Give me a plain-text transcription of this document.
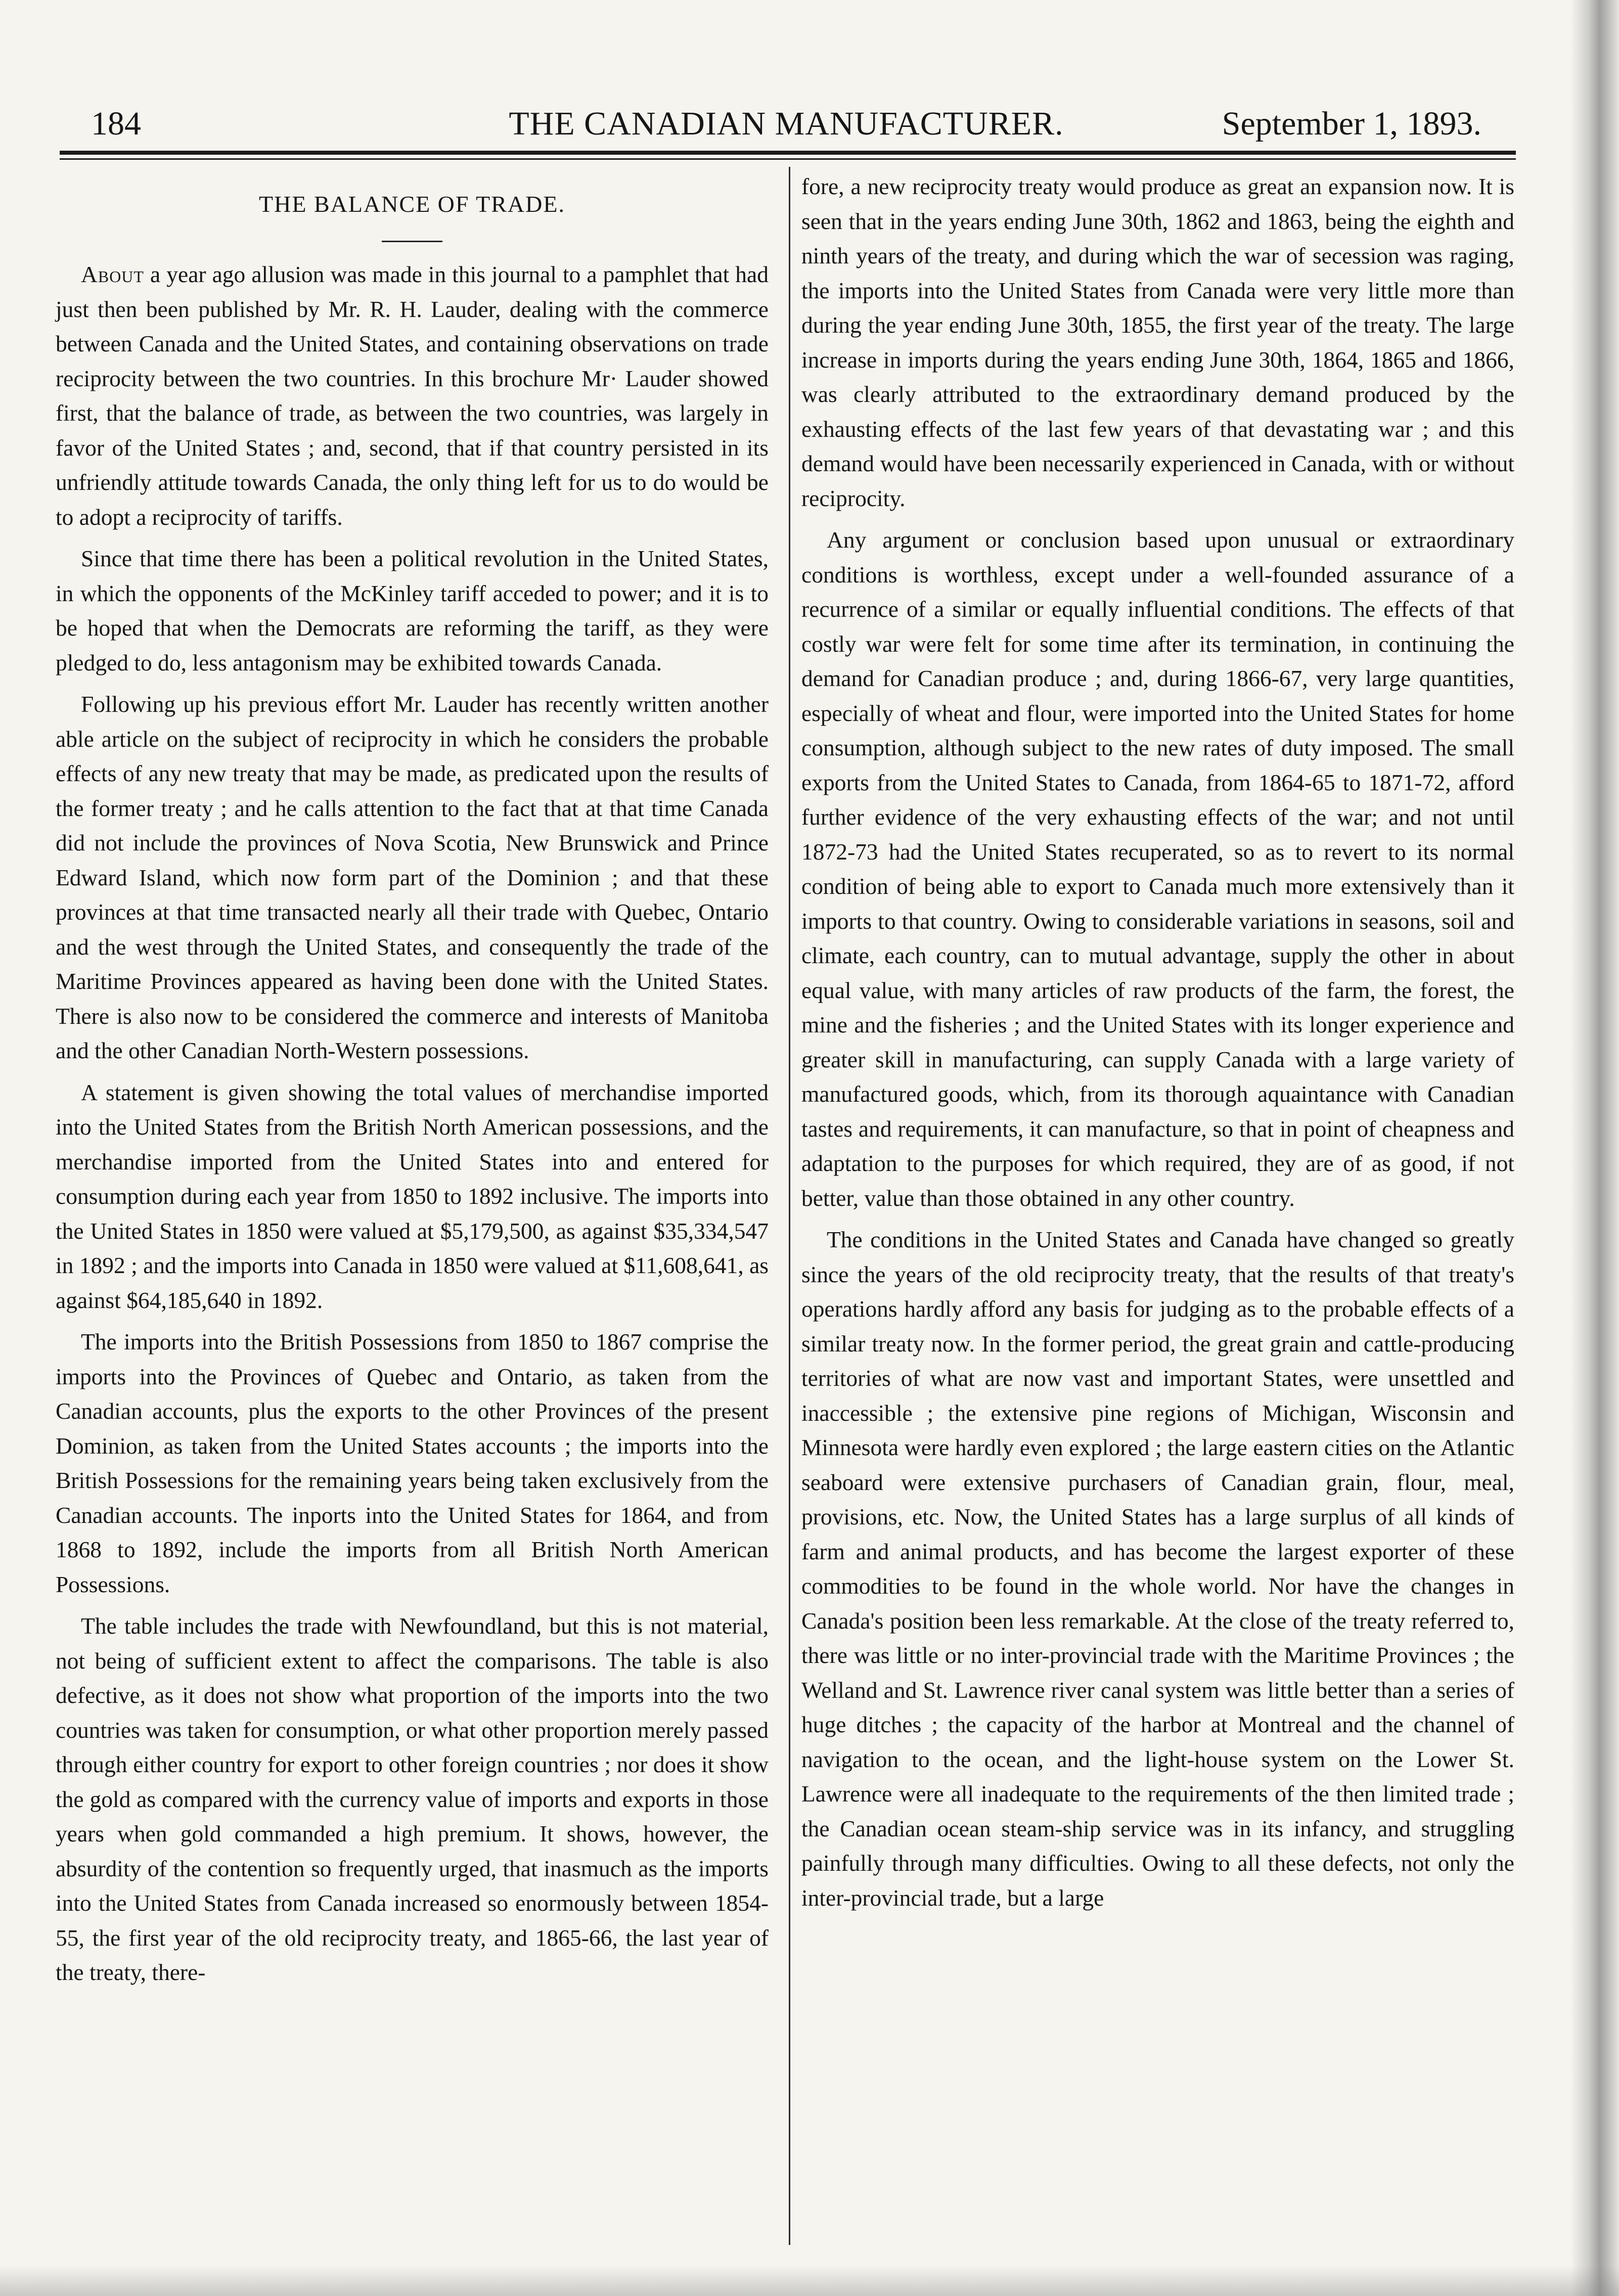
184	THE CANADIAN MANUFACTURER.	September 1, 1893.
THE BALANCE OF TRADE.

About a year ago allusion was made in this journal to a pamphlet that had just then been published by Mr. R. H. Lauder, dealing with the commerce between Canada and the United States, and containing observations on trade reciprocity between the two countries. In this brochure Mr· Lauder showed first, that the balance of trade, as between the two countries, was largely in favor of the United States ; and, second, that if that country persisted in its unfriendly attitude towards Canada, the only thing left for us to do would be to adopt a reciprocity of tariffs.

Since that time there has been a political revolution in the United States, in which the opponents of the McKinley tariff acceded to power; and it is to be hoped that when the Democrats are reforming the tariff, as they were pledged to do, less antagonism may be exhibited towards Canada.

Following up his previous effort Mr. Lauder has recently written another able article on the subject of reciprocity in which he considers the probable effects of any new treaty that may be made, as predicated upon the results of the former treaty ; and he calls attention to the fact that at that time Canada did not include the provinces of Nova Scotia, New Brunswick and Prince Edward Island, which now form part of the Dominion ; and that these provinces at that time transacted nearly all their trade with Quebec, Ontario and the west through the United States, and consequently the trade of the Maritime Provinces appeared as having been done with the United States. There is also now to be considered the commerce and interests of Manitoba and the other Canadian North-Western possessions.

A statement is given showing the total values of merchandise imported into the United States from the British North American possessions, and the merchandise imported from the United States into and entered for consumption during each year from 1850 to 1892 inclusive. The imports into the United States in 1850 were valued at $5,179,500, as against $35,334,547 in 1892 ; and the imports into Canada in 1850 were valued at $11,608,641, as against $64,185,640 in 1892.

The imports into the British Possessions from 1850 to 1867 comprise the imports into the Provinces of Quebec and Ontario, as taken from the Canadian accounts, plus the exports to the other Provinces of the present Dominion, as taken from the United States accounts ; the imports into the British Possessions for the remaining years being taken exclusively from the Canadian accounts. The inports into the United States for 1864, and from 1868 to 1892, include the imports from all British North American Possessions.

The table includes the trade with Newfoundland, but this is not material, not being of sufficient extent to affect the comparisons. The table is also defective, as it does not show what proportion of the imports into the two countries was taken for consumption, or what other proportion merely passed through either country for export to other foreign countries ; nor does it show the gold as compared with the currency value of imports and exports in those years when gold commanded a high premium. It shows, however, the absurdity of the contention so frequently urged, that inasmuch as the imports into the United States from Canada increased so enormously between 1854-55, the first year of the old reciprocity treaty, and 1865-66, the last year of the treaty, there-

fore, a new reciprocity treaty would produce as great an expansion now. It is seen that in the years ending June 30th, 1862 and 1863, being the eighth and ninth years of the treaty, and during which the war of secession was raging, the imports into the United States from Canada were very little more than during the year ending June 30th, 1855, the first year of the treaty. The large increase in imports during the years ending June 30th, 1864, 1865 and 1866, was clearly attributed to the extraordinary demand produced by the exhausting effects of the last few years of that devastating war ; and this demand would have been necessarily experienced in Canada, with or without reciprocity.

Any argument or conclusion based upon unusual or extraordinary conditions is worthless, except under a well-founded assurance of a recurrence of a similar or equally influential conditions. The effects of that costly war were felt for some time after its termination, in continuing the demand for Canadian produce ; and, during 1866-67, very large quantities, especially of wheat and flour, were imported into the United States for home consumption, although subject to the new rates of duty imposed. The small exports from the United States to Canada, from 1864-65 to 1871-72, afford further evidence of the very exhausting effects of the war; and not until 1872-73 had the United States recuperated, so as to revert to its normal condition of being able to export to Canada much more extensively than it imports to that country. Owing to considerable variations in seasons, soil and climate, each country, can to mutual advantage, supply the other in about equal value, with many articles of raw products of the farm, the forest, the mine and the fisheries ; and the United States with its longer experience and greater skill in manufacturing, can supply Canada with a large variety of manufactured goods, which, from its thorough aquaintance with Canadian tastes and requirements, it can manufacture, so that in point of cheapness and adaptation to the purposes for which required, they are of as good, if not better, value than those obtained in any other country.

The conditions in the United States and Canada have changed so greatly since the years of the old reciprocity treaty, that the results of that treaty's operations hardly afford any basis for judging as to the probable effects of a similar treaty now. In the former period, the great grain and cattle-producing territories of what are now vast and important States, were unsettled and inaccessible ; the extensive pine regions of Michigan, Wisconsin and Minnesota were hardly even explored ; the large eastern cities on the Atlantic seaboard were extensive purchasers of Canadian grain, flour, meal, provisions, etc. Now, the United States has a large surplus of all kinds of farm and animal products, and has become the largest exporter of these commodities to be found in the whole world. Nor have the changes in Canada's position been less remarkable. At the close of the treaty referred to, there was little or no inter-provincial trade with the Maritime Provinces ; the Welland and St. Lawrence river canal system was little better than a series of huge ditches ; the capacity of the harbor at Montreal and the channel of navigation to the ocean, and the light-house system on the Lower St. Lawrence were all inadequate to the requirements of the then limited trade ; the Canadian ocean steam-ship service was in its infancy, and struggling painfully through many difficulties. Owing to all these defects, not only the inter-provincial trade, but a large
